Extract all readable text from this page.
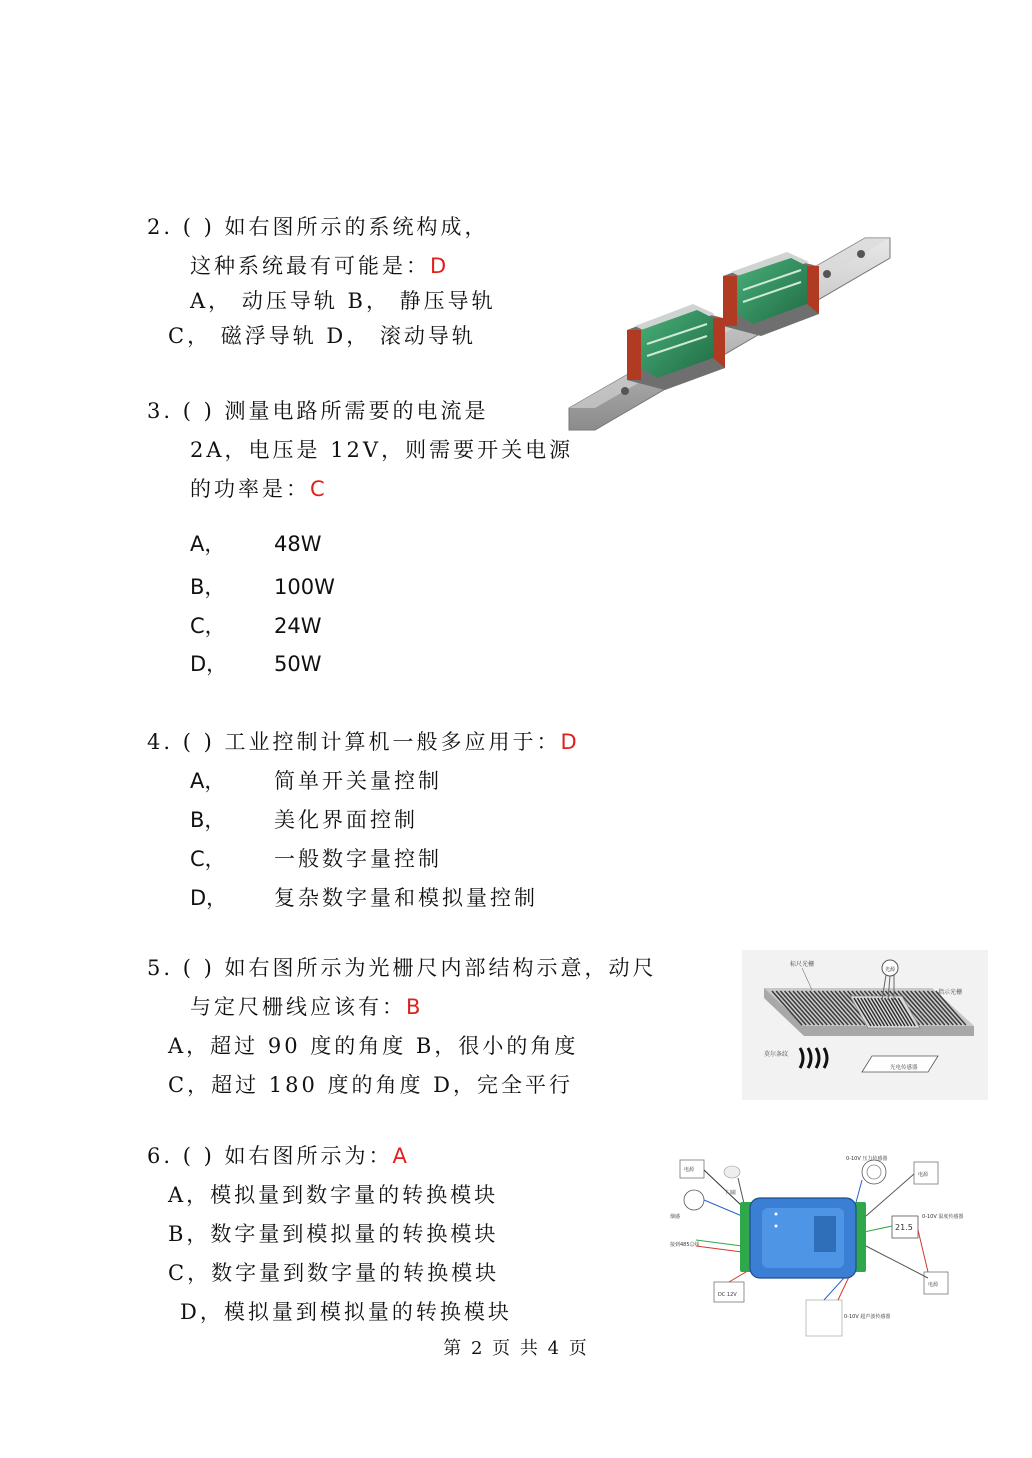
2. ( ) 如右图所示的系统构成，
这种系统最有可能是：D
A， 动压导轨 B， 静压导轨
C， 磁浮导轨 D， 滚动导轨
3. ( ) 测量电路所需要的电流是
2A，电压是 12V，则需要开关电源
的功率是：C
A， 48W
B， 100W
C， 24W
D， 50W
4. ( ) 工业控制计算机一般多应用于：D
A， 简单开关量控制
B， 美化界面控制
C， 一般数字量控制
D， 复杂数字量和模拟量控制
5. ( ) 如右图所示为光栅尺内部结构示意，动尺
与定尺栅线应该有：B
A，超过 90 度的角度 B，很小的角度
C，超过 180 度的角度 D，完全平行
标尺光栅
光源
指示光栅
莫尔条纹
光电传感器
6. ( ) 如右图所示为：A
A，模拟量到数字量的转换模块
B，数字量到模拟量的转换模块
C，数字量到数字量的转换模块
D，模拟量到模拟量的转换模块
电源
烟感
门磁
接到485总线
DC 12V
0-10V 压力传感器
电源
21.5
0-10V 温度传感器
电源
0-10V 超声波传感器
第 2 页 共 4 页
